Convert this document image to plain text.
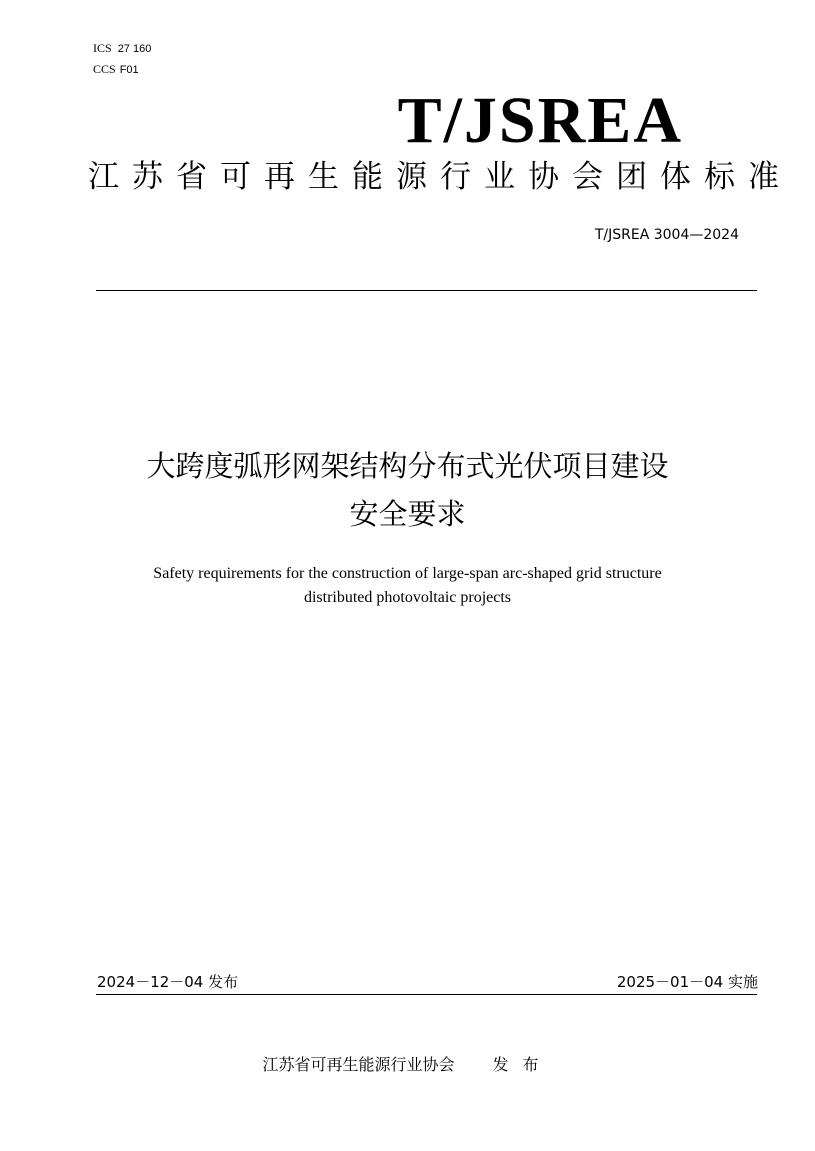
ICS 27 160
CCS F01
T/JSREA
江苏省可再生能源行业协会团体标准
T/JSREA 3004—2024
大跨度弧形网架结构分布式光伏项目建设
安全要求
Safety requirements for the construction of large-span arc-shaped grid structure
distributed photovoltaic projects
2024－12－04 发布	2025－01－04 实施
江苏省可再生能源行业协会 发布
